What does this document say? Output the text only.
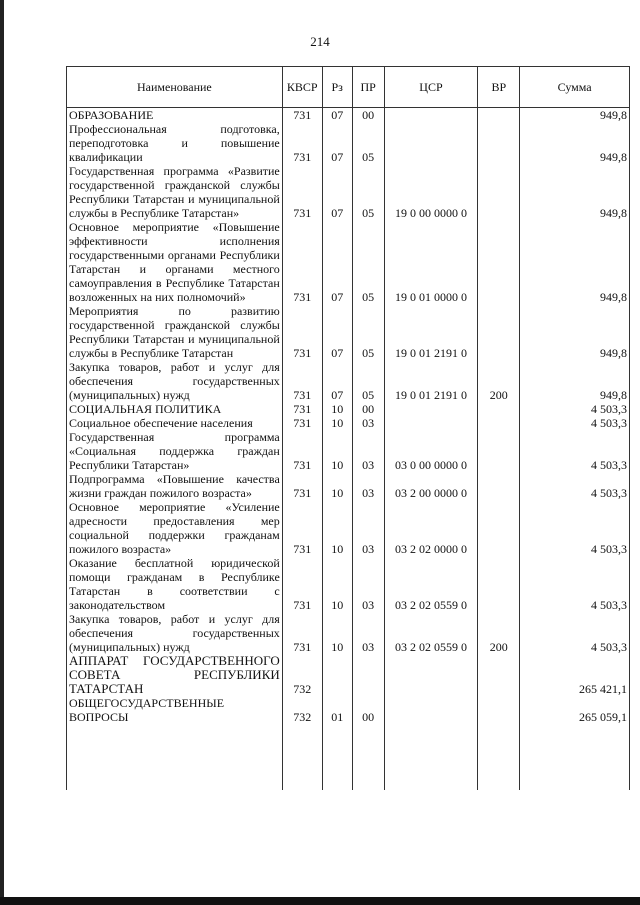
214
Наименование	КВСР	Рз	ПР	ЦСР	ВР	Сумма
ОБРАЗОВАНИЕ	731	07	00			949,8
Профессиональная подготовка, переподготовка и повышение квалификации	731	07	05			949,8
Государственная программа «Развитие государственной гражданской службы Республики Татарстан и муниципальной службы в Республике Татарстан»	731	07	05	19 0 00 0000 0		949,8
Основное мероприятие «Повышение эффективности исполнения государственными органами Республики Татарстан и органами местного самоуправления в Республике Татарстан возложенных на них полномочий»	731	07	05	19 0 01 0000 0		949,8
Мероприятия по развитию государственной гражданской службы Республики Татарстан и муниципальной службы в Республике Татарстан	731	07	05	19 0 01 2191 0		949,8
Закупка товаров, работ и услуг для обеспечения государственных (муниципальных) нужд	731	07	05	19 0 01 2191 0	200	949,8
СОЦИАЛЬНАЯ ПОЛИТИКА	731	10	00			4 503,3
Социальное обеспечение населения	731	10	03			4 503,3
Государственная программа «Социальная поддержка граждан Республики Татарстан»	731	10	03	03 0 00 0000 0		4 503,3
Подпрограмма «Повышение качества жизни граждан пожилого возраста»	731	10	03	03 2 00 0000 0		4 503,3
Основное мероприятие «Усиление адресности предоставления мер социальной поддержки гражданам пожилого возраста»	731	10	03	03 2 02 0000 0		4 503,3
Оказание бесплатной юридической помощи гражданам в Республике Татарстан в соответствии с законодательством	731	10	03	03 2 02 0559 0		4 503,3
Закупка товаров, работ и услуг для обеспечения государственных (муниципальных) нужд	731	10	03	03 2 02 0559 0	200	4 503,3
АППАРАТ ГОСУДАРСТВЕННОГО СОВЕТА РЕСПУБЛИКИ ТАТАРСТАН	732					265 421,1
ОБЩЕГОСУДАРСТВЕННЫЕ ВОПРОСЫ	732	01	00			265 059,1
